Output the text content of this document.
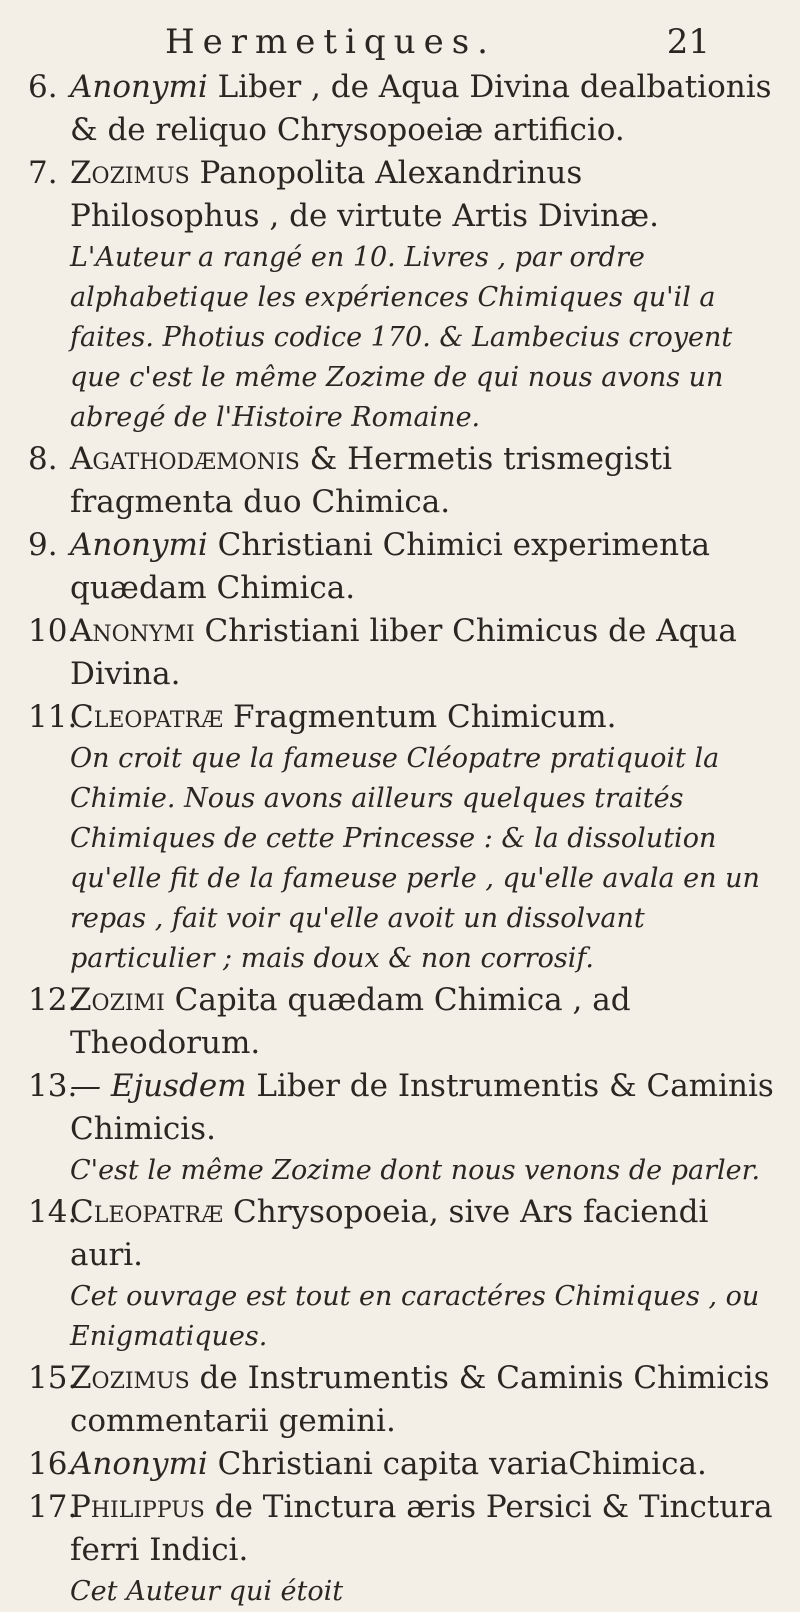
Hermetiques.	21
6. Anonymi Liber , de Aqua Divina dealbationis & de reliquo Chrysopoeiæ artificio.
7. Zozimus Panopolita Alexandrinus Philosophus , de virtute Artis Divinæ.
L'Auteur a rangé en 10. Livres , par ordre alphabetique les expériences Chimiques qu'il a faites. Photius codice 170. & Lambecius croyent que c'est le même Zozime de qui nous avons un abregé de l'Histoire Romaine.
8. Agathodæmonis & Hermetis trismegisti fragmenta duo Chimica.
9. Anonymi Christiani Chimici experimenta quædam Chimica.
10.
Anonymi Christiani liber Chimicus de Aqua Divina.
11.
Cleopatræ Fragmentum Chimicum.
On croit que la fameuse Cléopatre pratiquoit la Chimie. Nous avons ailleurs quelques traités Chimiques de cette Princesse : & la dissolution qu'elle fit de la fameuse perle , qu'elle avala en un repas , fait voir qu'elle avoit un dissolvant particulier ; mais doux & non corrosif.
12.
Zozimi Capita quædam Chimica , ad Theodorum.
13.
— Ejusdem Liber de Instrumentis & Caminis Chimicis.
C'est le même Zozime dont nous venons de parler.
14.
Cleopatræ Chrysopoeia, sive Ars faciendi auri.
Cet ouvrage est tout en caractéres Chimiques , ou Enigmatiques.
15.
Zozimus de Instrumentis & Caminis Chimicis commentarii gemini.
16.
Anonymi Christiani capita variaChimica.
17.
Philippus de Tinctura æris Persici & Tinctura ferri Indici.
Cet Auteur qui étoit
